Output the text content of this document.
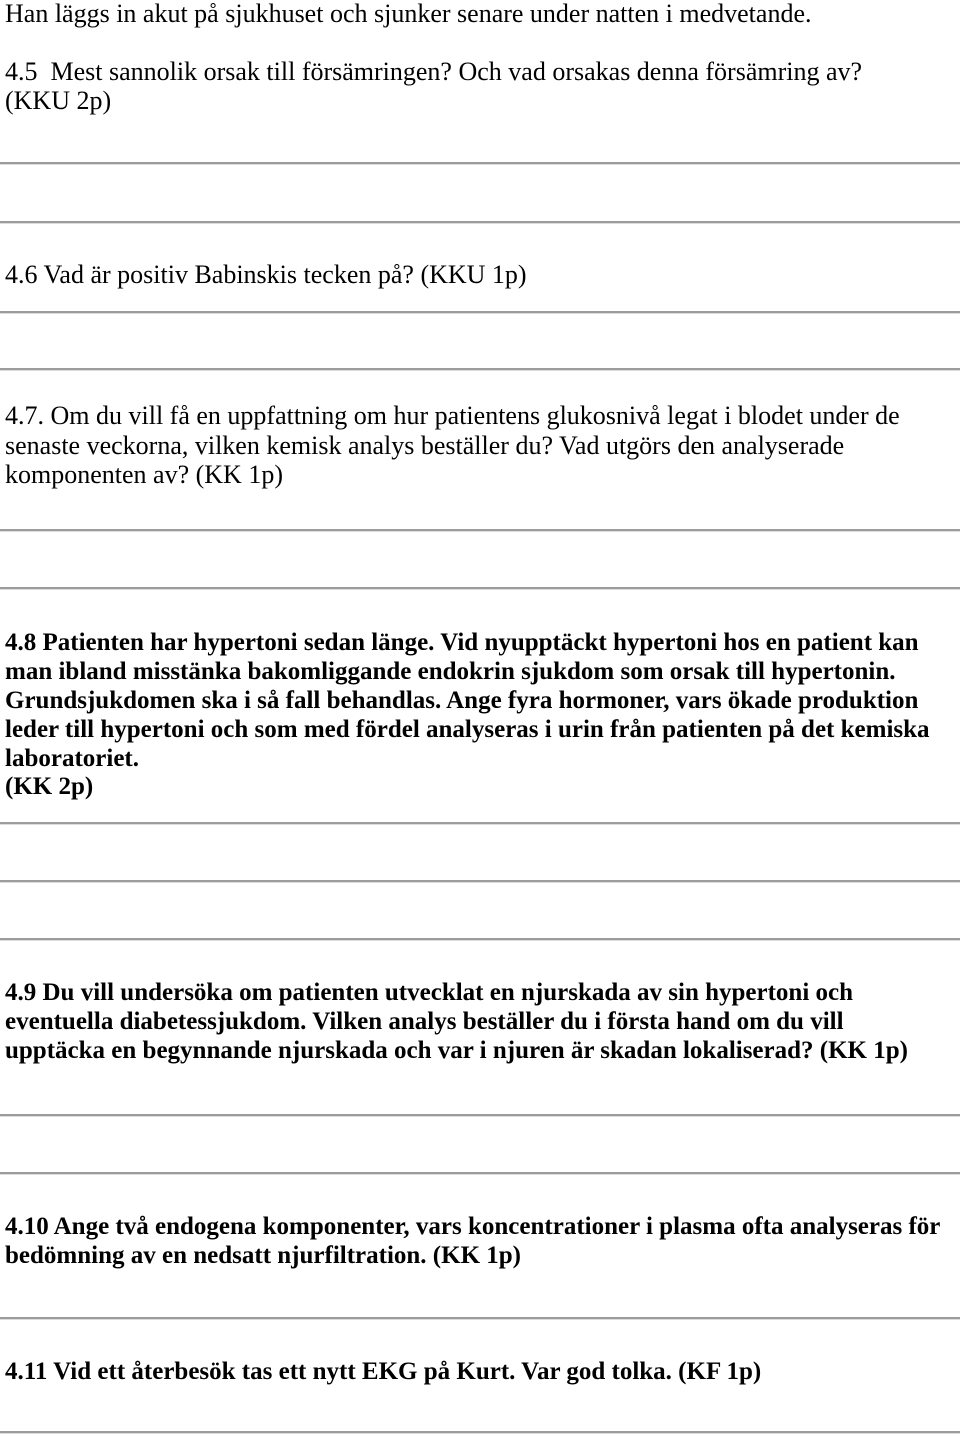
Han läggs in akut på sjukhuset och sjunker senare under natten i medvetande.
4.5  Mest sannolik orsak till försämringen? Och vad orsakas denna försämring av?
(KKU 2p)
4.6 Vad är positiv Babinskis tecken på? (KKU 1p)
4.7. Om du vill få en uppfattning om hur patientens glukosnivå legat i blodet under de
senaste veckorna, vilken kemisk analys beställer du? Vad utgörs den analyserade
komponenten av? (KK 1p)
4.8 Patienten har hypertoni sedan länge. Vid nyupptäckt hypertoni hos en patient kan
man ibland misstänka bakomliggande endokrin sjukdom som orsak till hypertonin.
Grundsjukdomen ska i så fall behandlas. Ange fyra hormoner, vars ökade produktion
leder till hypertoni och som med fördel analyseras i urin från patienten på det kemiska
laboratoriet.
(KK 2p)
4.9 Du vill undersöka om patienten utvecklat en njurskada av sin hypertoni och
eventuella diabetessjukdom. Vilken analys beställer du i första hand om du vill
upptäcka en begynnande njurskada och var i njuren är skadan lokaliserad? (KK 1p)
4.10 Ange två endogena komponenter, vars koncentrationer i plasma ofta analyseras för
bedömning av en nedsatt njurfiltration. (KK 1p)
4.11 Vid ett återbesök tas ett nytt EKG på Kurt. Var god tolka. (KF 1p)
